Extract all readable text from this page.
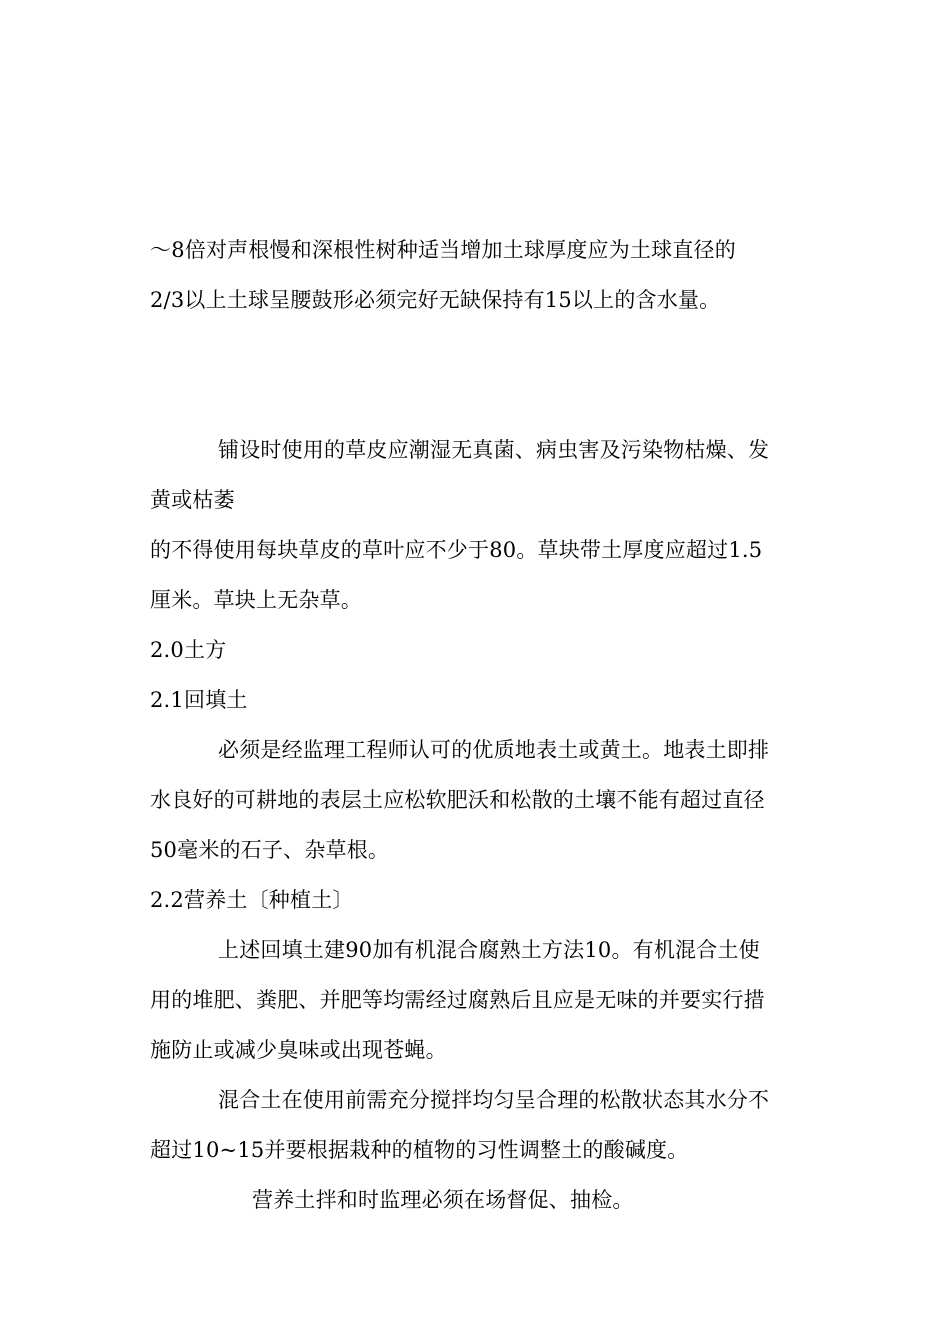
～8倍对声根慢和深根性树种适当增加土球厚度应为土球直径的
2/3以上土球呈腰鼓形必须完好无缺保持有15以上的含水量。
铺设时使用的草皮应潮湿无真菌、病虫害及污染物枯燥、发
黄或枯萎
的不得使用每块草皮的草叶应不少于80。草块带土厚度应超过1.5
厘米。草块上无杂草。
2.0土方
2.1回填土
必须是经监理工程师认可的优质地表土或黄土。地表土即排
水良好的可耕地的表层土应松软肥沃和松散的土壤不能有超过直径
50毫米的石子、杂草根。
2.2营养土〔种植土〕
上述回填土建90加有机混合腐熟土方法10。有机混合土使
用的堆肥、粪肥、并肥等均需经过腐熟后且应是无味的并要实行措
施防止或减少臭味或出现苍蝇。
混合土在使用前需充分搅拌均匀呈合理的松散状态其水分不
超过10~15并要根据栽种的植物的习性调整土的酸碱度。
营养土拌和时监理必须在场督促、抽检。
